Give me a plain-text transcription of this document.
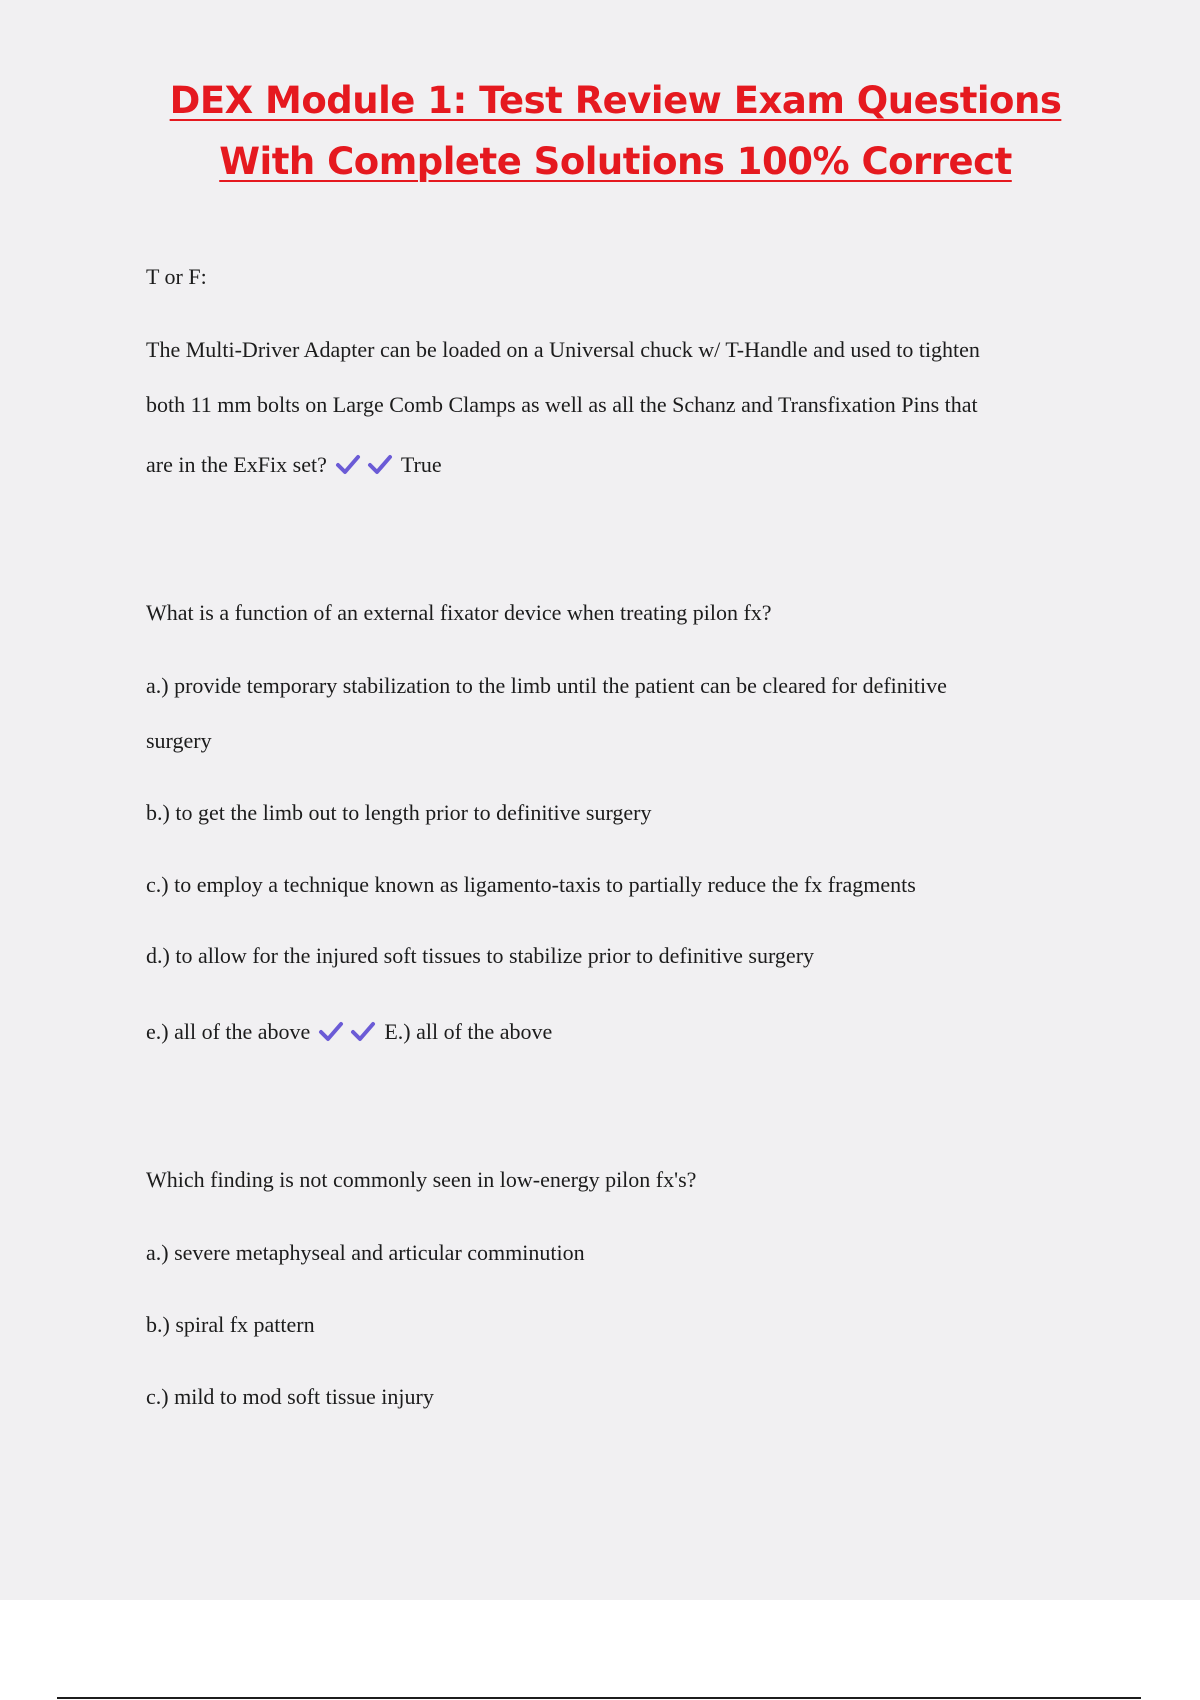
DEX Module 1: Test Review Exam Questions
With Complete Solutions 100% Correct
T or F:
The Multi-Driver Adapter can be loaded on a Universal chuck w/ T-Handle and used to tighten
both 11 mm bolts on Large Comb Clamps as well as all the Schanz and Transfixation Pins that
are in the ExFix set?	True
What is a function of an external fixator device when treating pilon fx?
a.) provide temporary stabilization to the limb until the patient can be cleared for definitive
surgery
b.) to get the limb out to length prior to definitive surgery
c.) to employ a technique known as ligamento-taxis to partially reduce the fx fragments
d.) to allow for the injured soft tissues to stabilize prior to definitive surgery
e.) all of the above	E.) all of the above
Which finding is not commonly seen in low-energy pilon fx's?
a.) severe metaphyseal and articular comminution
b.) spiral fx pattern
c.) mild to mod soft tissue injury
